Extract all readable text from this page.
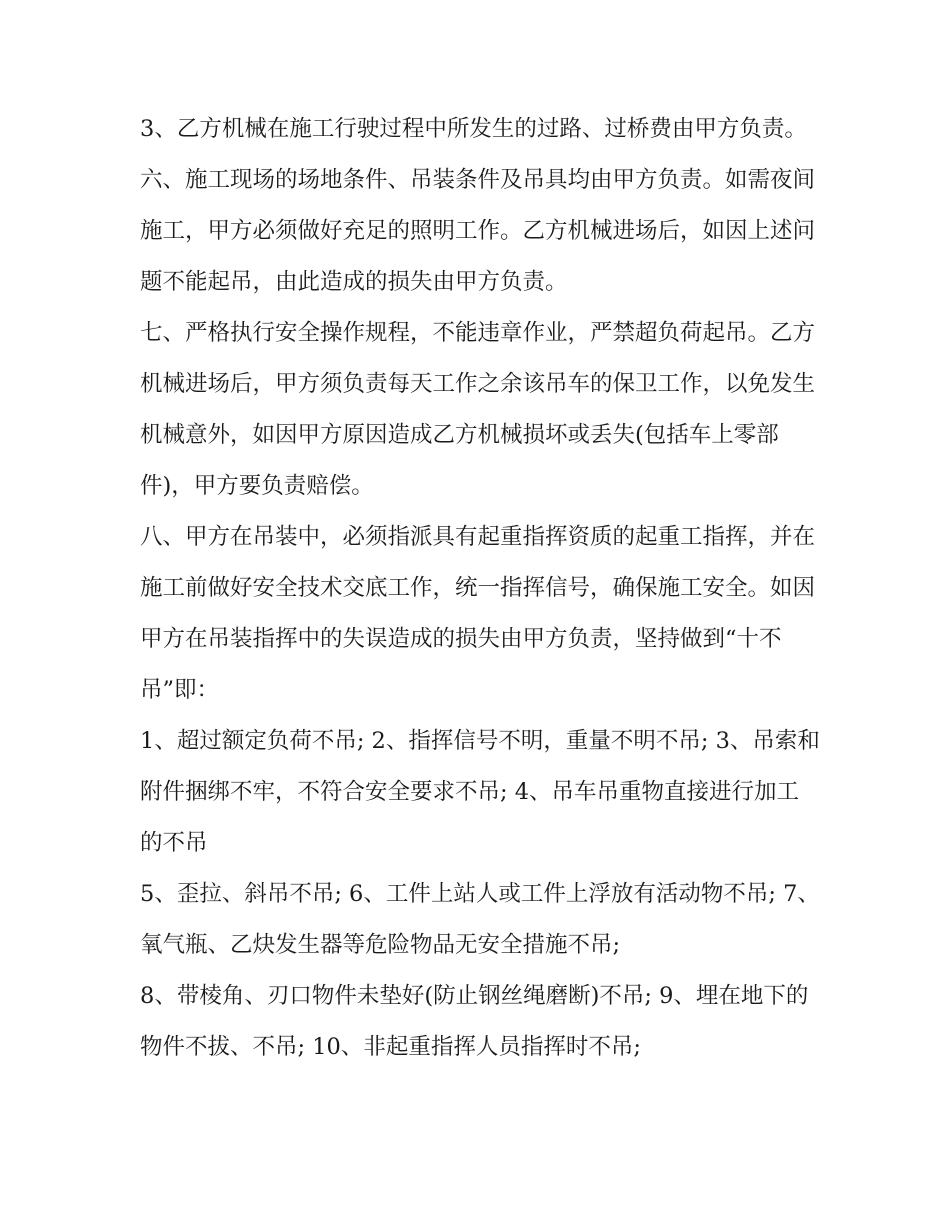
3、乙方机械在施工行驶过程中所发生的过路、过桥费由甲方负责。

六、施工现场的场地条件、吊装条件及吊具均由甲方负责。如需夜间施工，甲方必须做好充足的照明工作。乙方机械进场后，如因上述问题不能起吊，由此造成的损失由甲方负责。

七、严格执行安全操作规程，不能违章作业，严禁超负荷起吊。乙方机械进场后，甲方须负责每天工作之余该吊车的保卫工作，以免发生机械意外，如因甲方原因造成乙方机械损坏或丢失(包括车上零部件)，甲方要负责赔偿。

八、甲方在吊装中，必须指派具有起重指挥资质的起重工指挥，并在施工前做好安全技术交底工作，统一指挥信号，确保施工安全。如因甲方在吊装指挥中的失误造成的损失由甲方负责，坚持做到“十不吊”即：

1、超过额定负荷不吊; 2、指挥信号不明，重量不明不吊; 3、吊索和附件捆绑不牢，不符合安全要求不吊; 4、吊车吊重物直接进行加工的不吊

5、歪拉、斜吊不吊; 6、工件上站人或工件上浮放有活动物不吊; 7、氧气瓶、乙炔发生器等危险物品无安全措施不吊;

8、带棱角、刃口物件未垫好(防止钢丝绳磨断)不吊; 9、埋在地下的物件不拔、不吊; 10、非起重指挥人员指挥时不吊;
